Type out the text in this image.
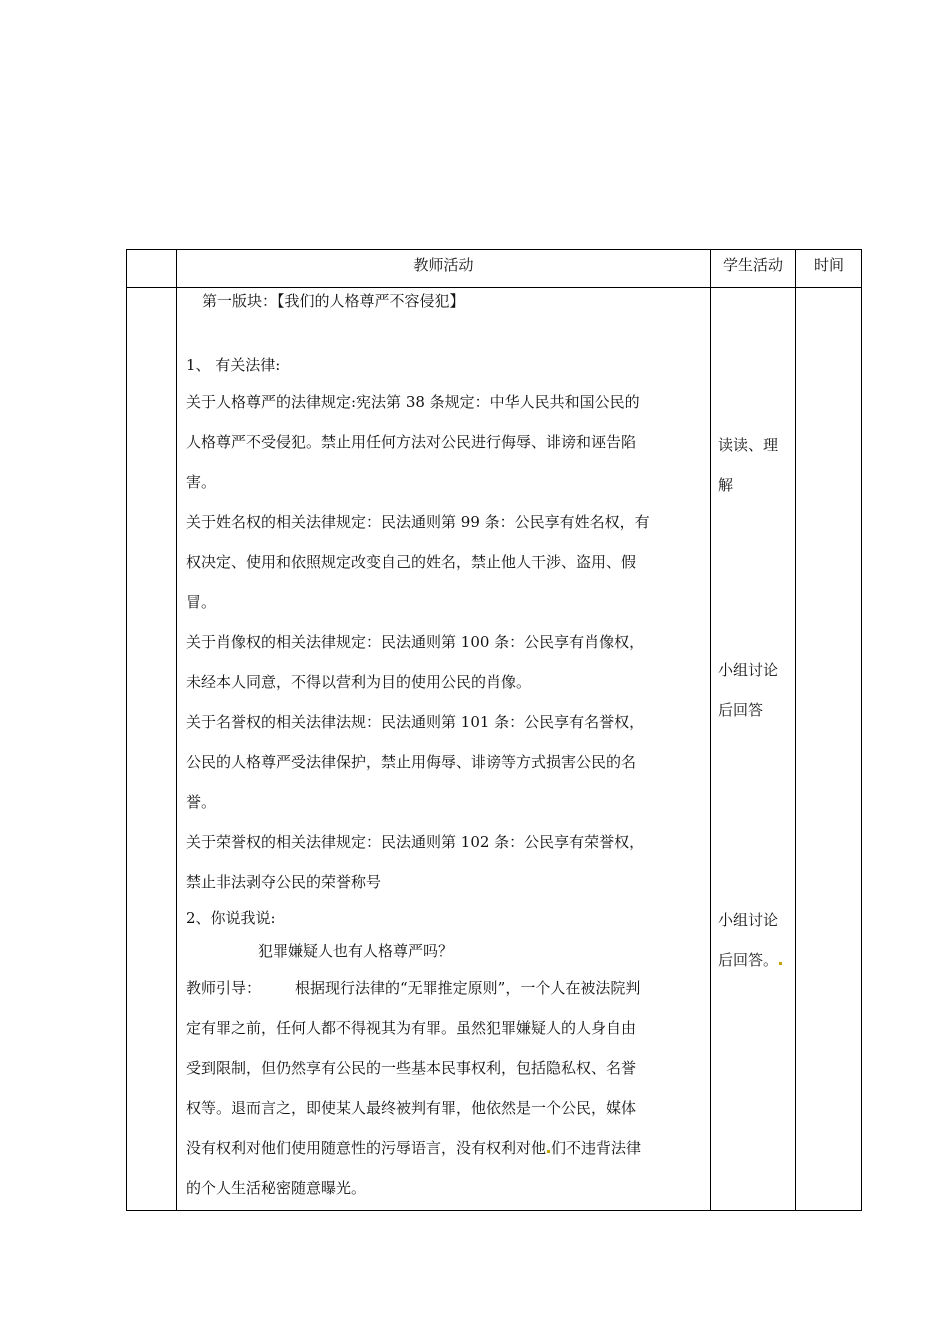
教师活动	学生活动	时间

第一版块：【我们的人格尊严不容侵犯】

1、 有关法律:

关于人格尊严的法律规定:宪法第 38 条规定：中华人民共和国公民的

人格尊严不受侵犯。禁止用任何方法对公民进行侮辱、诽谤和诬告陷

害。

关于姓名权的相关法律规定：民法通则第 99 条：公民享有姓名权，有

权决定、使用和依照规定改变自己的姓名，禁止他人干涉、盗用、假

冒。

关于肖像权的相关法律规定：民法通则第 100 条：公民享有肖像权，

未经本人同意，不得以营利为目的使用公民的肖像。

关于名誉权的相关法律法规：民法通则第 101 条：公民享有名誉权，

公民的人格尊严受法律保护，禁止用侮辱、诽谤等方式损害公民的名

誉。

关于荣誉权的相关法律规定：民法通则第 102 条：公民享有荣誉权，

禁止非法剥夺公民的荣誉称号

2、你说我说:

犯罪嫌疑人也有人格尊严吗？

教师引导： 根据现行法律的“无罪推定原则”，一个人在被法院判

定有罪之前，任何人都不得视其为有罪。虽然犯罪嫌疑人的人身自由

受到限制，但仍然享有公民的一些基本民事权利，包括隐私权、名誉

权等。退而言之，即使某人最终被判有罪，他依然是一个公民，媒体

没有权利对他们使用随意性的污辱语言，没有权利对他 们不违背法律

的个人生活秘密随意曝光。

读读、理

解

小组讨论

后回答

小组讨论

后回答。
